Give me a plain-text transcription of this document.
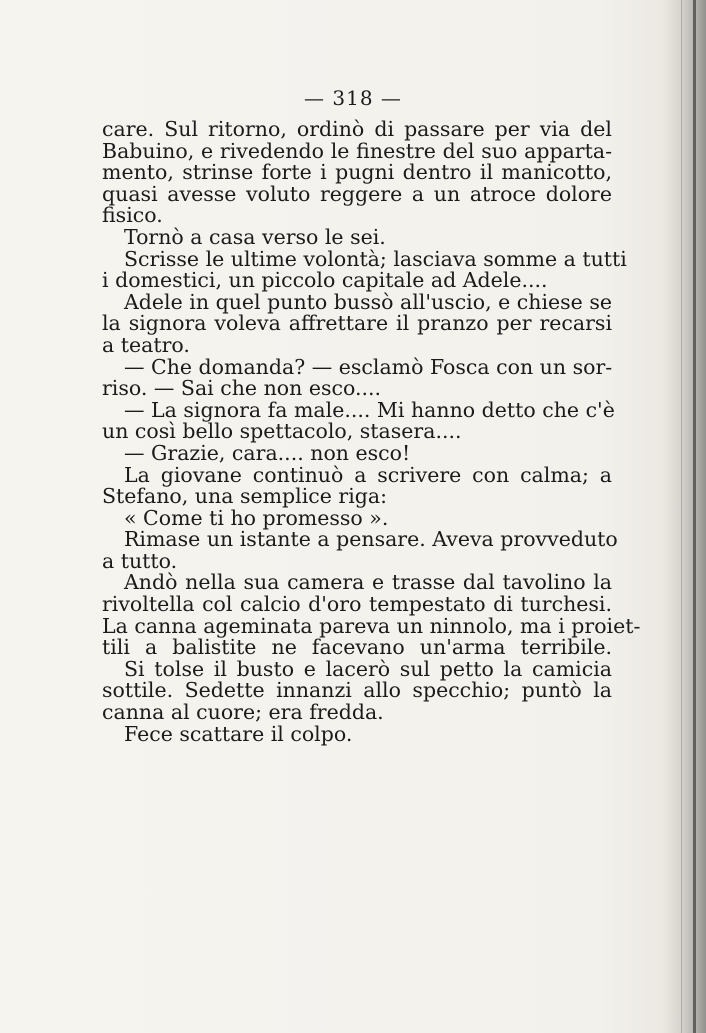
— 318 —
care. Sul ritorno, ordinò di passare per via del
Babuino, e rivedendo le finestre del suo apparta-
mento, strinse forte i pugni dentro il manicotto,
quasi avesse voluto reggere a un atroce dolore
fisico.
Tornò a casa verso le sei.
Scrisse le ultime volontà; lasciava somme a tutti
i domestici, un piccolo capitale ad Adele....
Adele in quel punto bussò all'uscio, e chiese se
la signora voleva affrettare il pranzo per recarsi
a teatro.
— Che domanda? — esclamò Fosca con un sor-
riso. — Sai che non esco....
— La signora fa male.... Mi hanno detto che c'è
un così bello spettacolo, stasera....
— Grazie, cara.... non esco!
La giovane continuò a scrivere con calma; a
Stefano, una semplice riga:
« Come ti ho promesso ».
Rimase un istante a pensare. Aveva provveduto
a tutto.
Andò nella sua camera e trasse dal tavolino la
rivoltella col calcio d'oro tempestato di turchesi.
La canna ageminata pareva un ninnolo, ma i proiet-
tili a balistite ne facevano un'arma terribile.
Si tolse il busto e lacerò sul petto la camicia
sottile. Sedette innanzi allo specchio; puntò la
canna al cuore; era fredda.
Fece scattare il colpo.
